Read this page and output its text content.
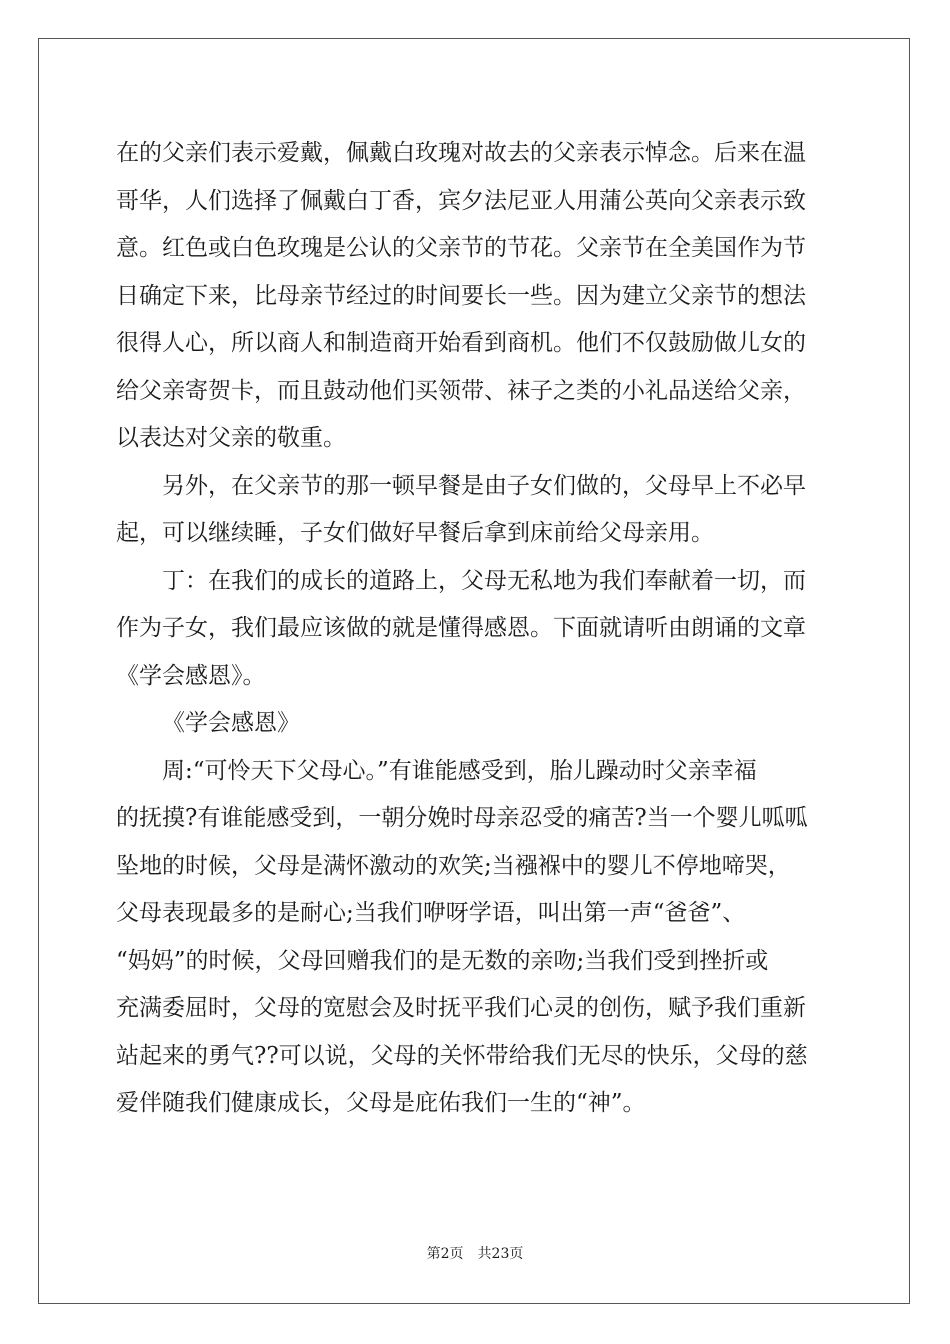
在的父亲们表示爱戴，佩戴白玫瑰对故去的父亲表示悼念。后来在温
哥华，人们选择了佩戴白丁香，宾夕法尼亚人用蒲公英向父亲表示致
意。红色或白色玫瑰是公认的父亲节的节花。父亲节在全美国作为节
日确定下来，比母亲节经过的时间要长一些。因为建立父亲节的想法
很得人心，所以商人和制造商开始看到商机。他们不仅鼓励做儿女的
给父亲寄贺卡，而且鼓动他们买领带、袜子之类的小礼品送给父亲，
以表达对父亲的敬重。
另外，在父亲节的那一顿早餐是由子女们做的，父母早上不必早
起，可以继续睡，子女们做好早餐后拿到床前给父母亲用。
丁：在我们的成长的道路上，父母无私地为我们奉献着一切，而
作为子女，我们最应该做的就是懂得感恩。下面就请听由朗诵的文章
《学会感恩》。
《学会感恩》
周:“可怜天下父母心。”有谁能感受到，胎儿躁动时父亲幸福
的抚摸?有谁能感受到，一朝分娩时母亲忍受的痛苦?当一个婴儿呱呱
坠地的时候，父母是满怀激动的欢笑;当襁褓中的婴儿不停地啼哭，
父母表现最多的是耐心;当我们咿呀学语，叫出第一声“爸爸”、
“妈妈”的时候，父母回赠我们的是无数的亲吻;当我们受到挫折或
充满委屈时，父母的宽慰会及时抚平我们心灵的创伤，赋予我们重新
站起来的勇气??可以说，父母的关怀带给我们无尽的快乐，父母的慈
爱伴随我们健康成长，父母是庇佑我们一生的“神”。
第2页　共23页
